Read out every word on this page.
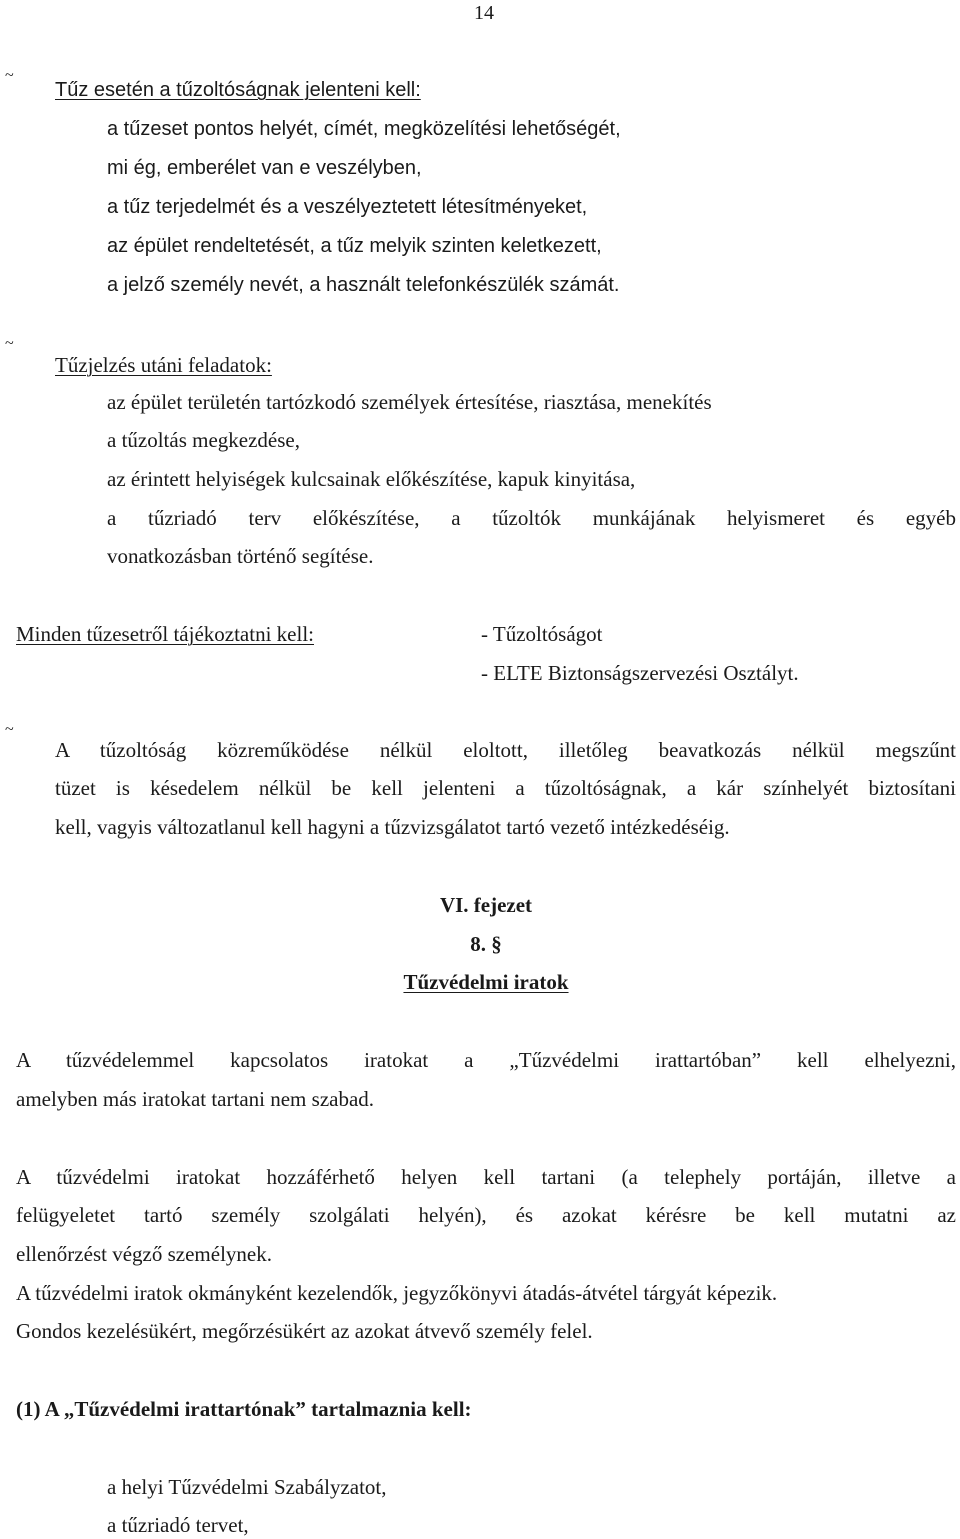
14
~
Tűz esetén a tűzoltóságnak jelenteni kell:
a tűzeset pontos helyét, címét, megközelítési lehetőségét,
mi ég, emberélet van e veszélyben,
a tűz terjedelmét és a veszélyeztetett létesítményeket,
az épület rendeltetését, a tűz melyik szinten keletkezett,
a jelző személy nevét, a használt telefonkészülék számát.
~
Tűzjelzés utáni feladatok:
az épület területén tartózkodó személyek értesítése, riasztása, menekítés
a tűzoltás megkezdése,
az érintett helyiségek kulcsainak előkészítése, kapuk kinyitása,
a tűzriadó terv előkészítése, a tűzoltók munkájának helyismeret és egyéb
vonatkozásban történő segítése.
Minden tűzesetről tájékoztatni kell:	- Tűzoltóságot
- ELTE Biztonságszervezési Osztályt.
~
A tűzoltóság közreműködése nélkül eloltott, illetőleg beavatkozás nélkül megszűnt
tüzet is késedelem nélkül be kell jelenteni a tűzoltóságnak, a kár színhelyét biztosítani
kell, vagyis változatlanul kell hagyni a tűzvizsgálatot tartó vezető intézkedéséig.
VI. fejezet
8. §
Tűzvédelmi iratok
A tűzvédelemmel kapcsolatos iratokat a „Tűzvédelmi irattartóban” kell elhelyezni,
amelyben más iratokat tartani nem szabad.
A tűzvédelmi iratokat hozzáférhető helyen kell tartani (a telephely portáján, illetve a
felügyeletet tartó személy szolgálati helyén), és azokat kérésre be kell mutatni az
ellenőrzést végző személynek.
A tűzvédelmi iratok okmányként kezelendők, jegyzőkönyvi átadás-átvétel tárgyát képezik.
Gondos kezelésükért, megőrzésükért az azokat átvevő személy felel.
(1) A „Tűzvédelmi irattartónak” tartalmaznia kell:
a helyi Tűzvédelmi Szabályzatot,
a tűzriadó tervet,
